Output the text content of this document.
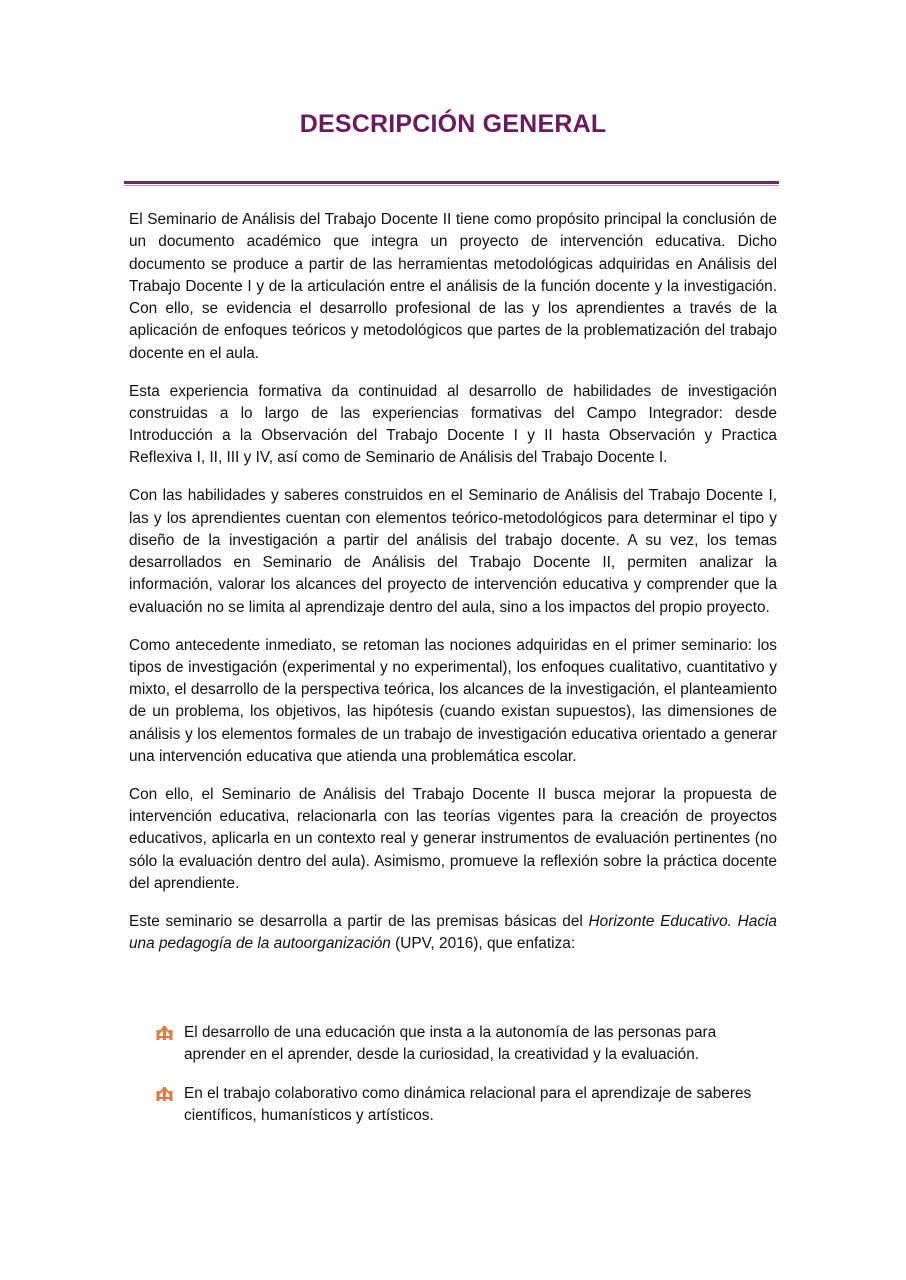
DESCRIPCIÓN GENERAL

El Seminario de Análisis del Trabajo Docente II tiene como propósito principal la conclusión de un documento académico que integra un proyecto de intervención educativa. Dicho documento se produce a partir de las herramientas metodológicas adquiridas en Análisis del Trabajo Docente I y de la articulación entre el análisis de la función docente y la investigación. Con ello, se evidencia el desarrollo profesional de las y los aprendientes a través de la aplicación de enfoques teóricos y metodológicos que partes de la problematización del trabajo docente en el aula.

Esta experiencia formativa da continuidad al desarrollo de habilidades de investigación construidas a lo largo de las experiencias formativas del Campo Integrador: desde Introducción a la Observación del Trabajo Docente I y II hasta Observación y Practica Reflexiva I, II, III y IV, así como de Seminario de Análisis del Trabajo Docente I.

Con las habilidades y saberes construidos en el Seminario de Análisis del Trabajo Docente I, las y los aprendientes cuentan con elementos teórico-metodológicos para determinar el tipo y diseño de la investigación a partir del análisis del trabajo docente. A su vez, los temas desarrollados en Seminario de Análisis del Trabajo Docente II, permiten analizar la información, valorar los alcances del proyecto de intervención educativa y comprender que la evaluación no se limita al aprendizaje dentro del aula, sino a los impactos del propio proyecto.

Como antecedente inmediato, se retoman las nociones adquiridas en el primer seminario: los tipos de investigación (experimental y no experimental), los enfoques cualitativo, cuantitativo y mixto, el desarrollo de la perspectiva teórica, los alcances de la investigación, el planteamiento de un problema, los objetivos, las hipótesis (cuando existan supuestos), las dimensiones de análisis y los elementos formales de un trabajo de investigación educativa orientado a generar una intervención educativa que atienda una problemática escolar.

Con ello, el Seminario de Análisis del Trabajo Docente II busca mejorar la propuesta de intervención educativa, relacionarla con las teorías vigentes para la creación de proyectos educativos, aplicarla en un contexto real y generar instrumentos de evaluación pertinentes (no sólo la evaluación dentro del aula). Asimismo, promueve la reflexión sobre la práctica docente del aprendiente.

Este seminario se desarrolla a partir de las premisas básicas del Horizonte Educativo. Hacia una pedagogía de la autoorganización (UPV, 2016), que enfatiza:

El desarrollo de una educación que insta a la autonomía de las personas para aprender en el aprender, desde la curiosidad, la creatividad y la evaluación.
En el trabajo colaborativo como dinámica relacional para el aprendizaje de saberes científicos, humanísticos y artísticos.
